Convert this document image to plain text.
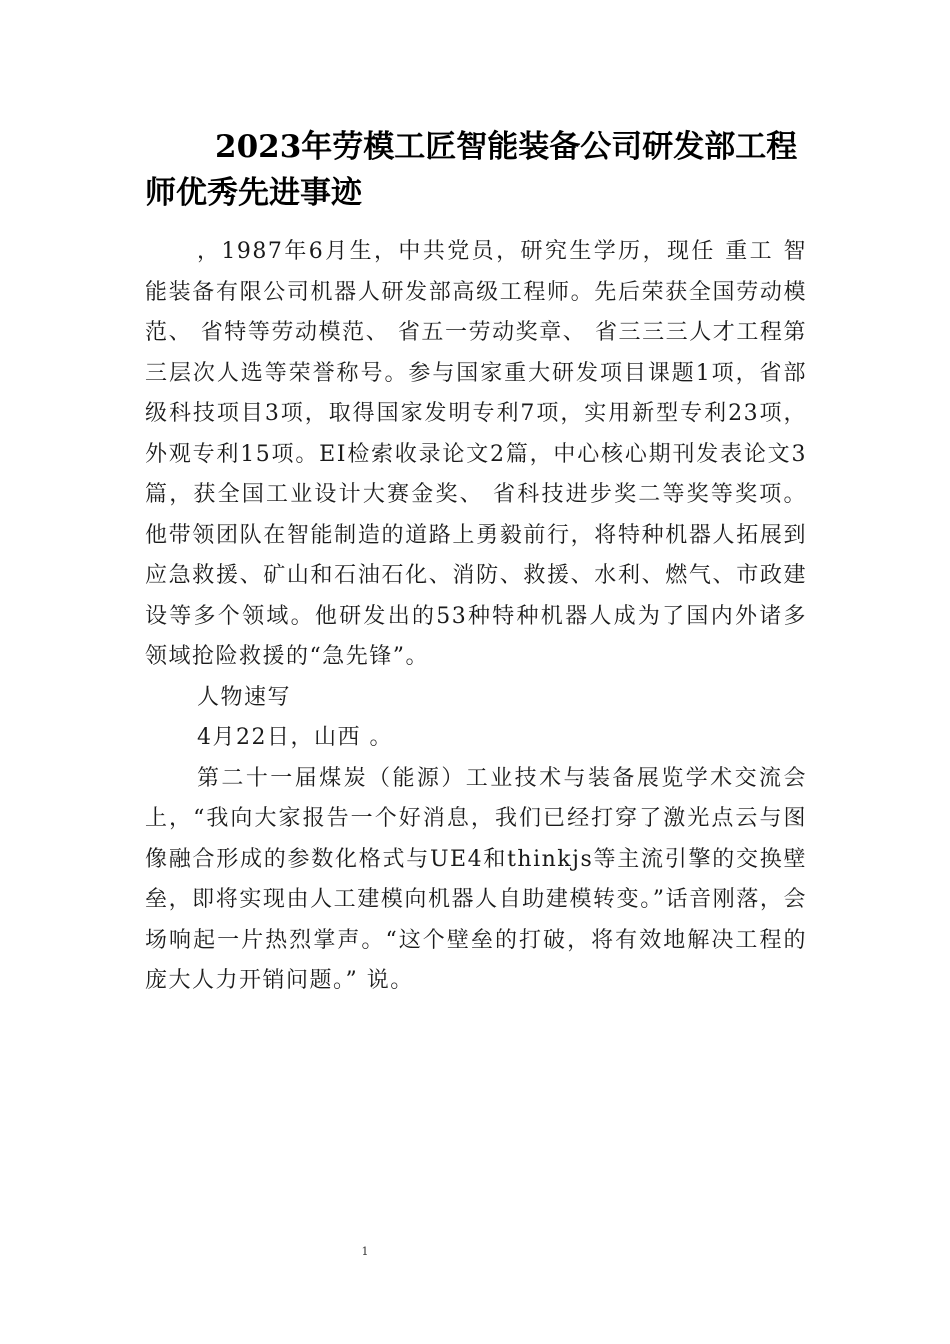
2023年劳模工匠智能装备公司研发部工程师优秀先进事迹

，1987年6月生，中共党员，研究生学历，现任 重工 智能装备有限公司机器人研发部高级工程师。先后荣获全国劳动模范、 省特等劳动模范、 省五一劳动奖章、 省三三三人才工程第三层次人选等荣誉称号。参与国家重大研发项目课题1项，省部级科技项目3项，取得国家发明专利7项，实用新型专利23项，外观专利15项。EI检索收录论文2篇，中心核心期刊发表论文3篇，获全国工业设计大赛金奖、 省科技进步奖二等奖等奖项。他带领团队在智能制造的道路上勇毅前行，将特种机器人拓展到应急救援、矿山和石油石化、消防、救援、水利、燃气、市政建设等多个领域。他研发出的53种特种机器人成为了国内外诸多领域抢险救援的“急先锋”。

人物速写

4月22日，山西 。

第二十一届煤炭（能源）工业技术与装备展览学术交流会上，“我向大家报告一个好消息，我们已经打穿了激光点云与图像融合形成的参数化格式与UE4和thinkjs等主流引擎的交换壁垒，即将实现由人工建模向机器人自助建模转变。”话音刚落，会场响起一片热烈掌声。“这个壁垒的打破，将有效地解决工程的庞大人力开销问题。” 说。

1
